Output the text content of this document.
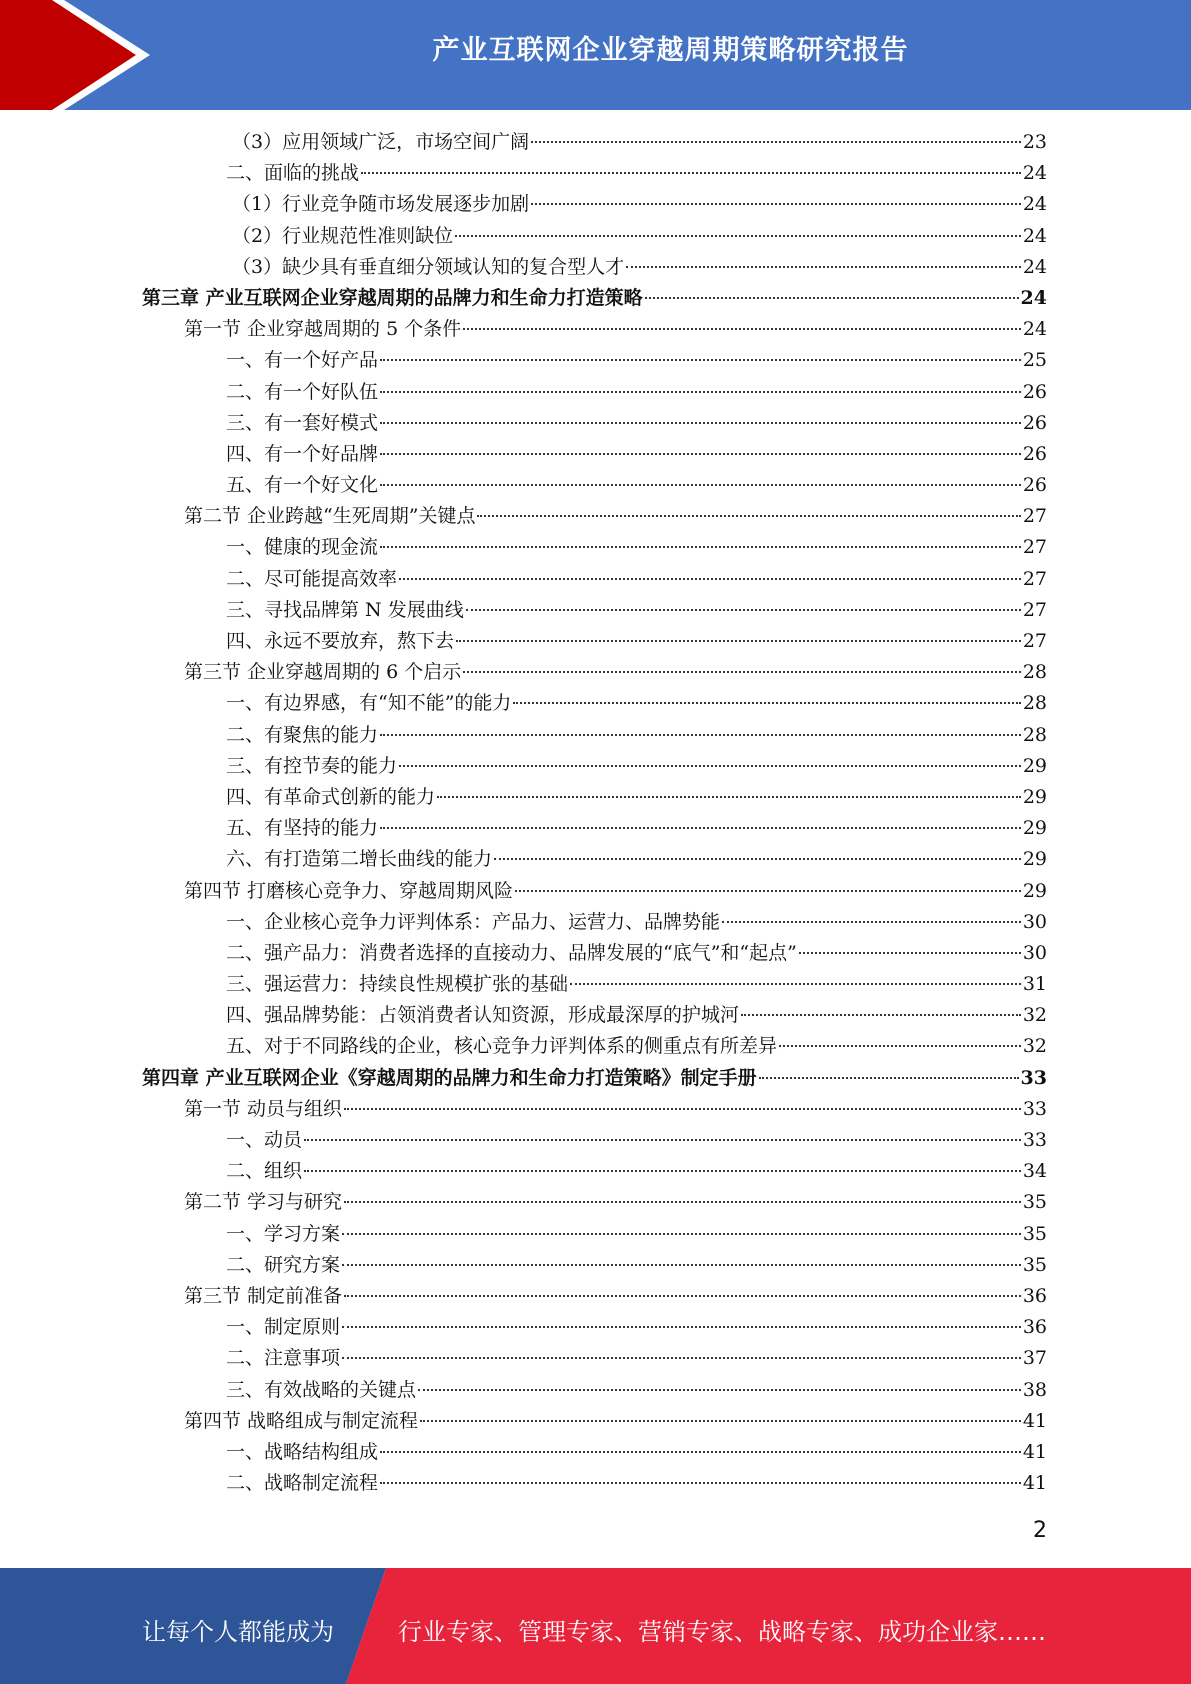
产业互联网企业穿越周期策略研究报告
（3）应用领域广泛，市场空间广阔	23
二、面临的挑战	24
（1）行业竞争随市场发展逐步加剧	24
（2）行业规范性准则缺位	24
（3）缺少具有垂直细分领域认知的复合型人才	24
第三章 产业互联网企业穿越周期的品牌力和生命力打造策略	24
第一节 企业穿越周期的 5 个条件	24
一、有一个好产品	25
二、有一个好队伍	26
三、有一套好模式	26
四、有一个好品牌	26
五、有一个好文化	26
第二节 企业跨越“生死周期”关键点	27
一、健康的现金流	27
二、尽可能提高效率	27
三、寻找品牌第 N 发展曲线	27
四、永远不要放弃，熬下去	27
第三节 企业穿越周期的 6 个启示	28
一、有边界感，有“知不能”的能力	28
二、有聚焦的能力	28
三、有控节奏的能力	29
四、有革命式创新的能力	29
五、有坚持的能力	29
六、有打造第二增长曲线的能力	29
第四节 打磨核心竞争力、穿越周期风险	29
一、企业核心竞争力评判体系：产品力、运营力、品牌势能	30
二、强产品力：消费者选择的直接动力、品牌发展的“底气”和“起点”	30
三、强运营力：持续良性规模扩张的基础	31
四、强品牌势能：占领消费者认知资源，形成最深厚的护城河	32
五、对于不同路线的企业，核心竞争力评判体系的侧重点有所差异	32
第四章 产业互联网企业《穿越周期的品牌力和生命力打造策略》制定手册	33
第一节 动员与组织	33
一、动员	33
二、组织	34
第二节 学习与研究	35
一、学习方案	35
二、研究方案	35
第三节 制定前准备	36
一、制定原则	36
二、注意事项	37
三、有效战略的关键点	38
第四节 战略组成与制定流程	41
一、战略结构组成	41
二、战略制定流程	41
2
让每个人都能成为	行业专家、管理专家、营销专家、战略专家、成功企业家……
